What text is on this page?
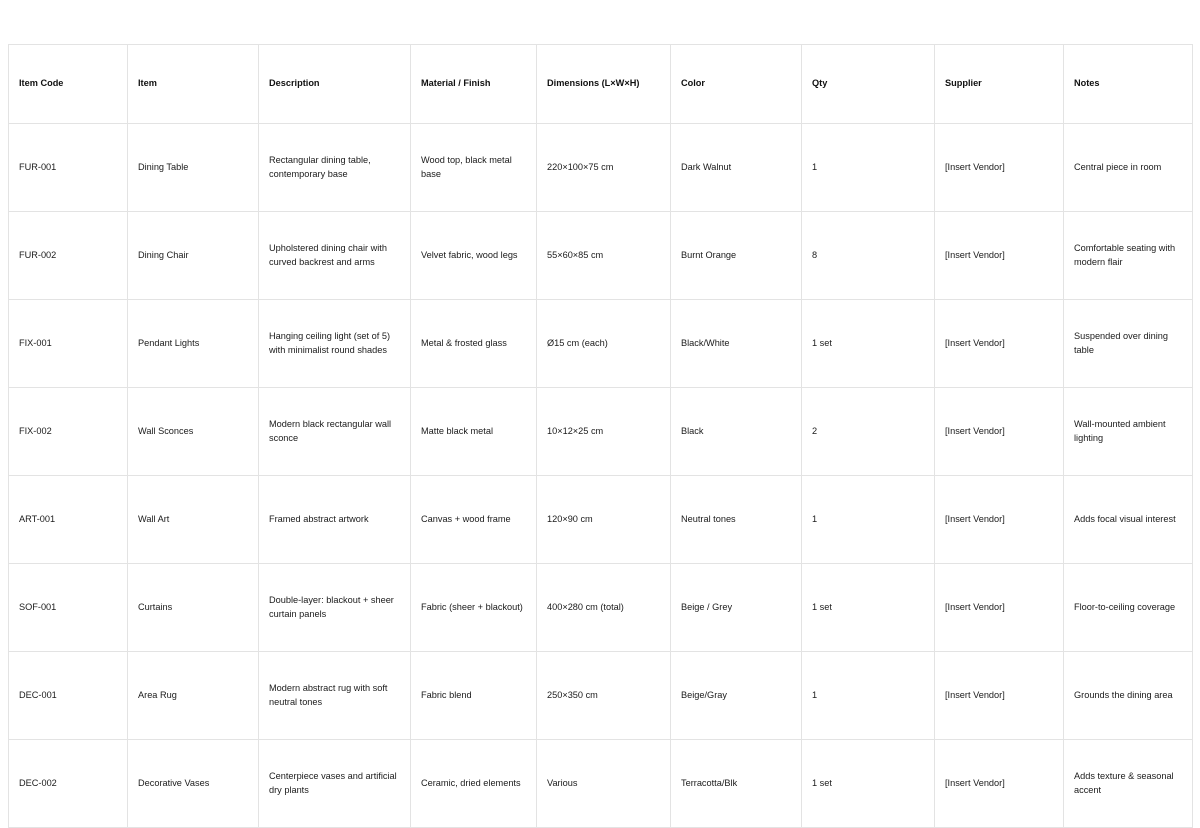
Item Code	Item	Description	Material / Finish	Dimensions (L×W×H)	Color	Qty	Supplier	Notes
FUR-001	Dining Table	Rectangular dining table, contemporary base	Wood top, black metal base	220×100×75 cm	Dark Walnut	1	[Insert Vendor]	Central piece in room
FUR-002	Dining Chair	Upholstered dining chair with curved backrest and arms	Velvet fabric, wood legs	55×60×85 cm	Burnt Orange	8	[Insert Vendor]	Comfortable seating with modern flair
FIX-001	Pendant Lights	Hanging ceiling light (set of 5) with minimalist round shades	Metal & frosted glass	Ø15 cm (each)	Black/White	1 set	[Insert Vendor]	Suspended over dining table
FIX-002	Wall Sconces	Modern black rectangular wall sconce	Matte black metal	10×12×25 cm	Black	2	[Insert Vendor]	Wall-mounted ambient lighting
ART-001	Wall Art	Framed abstract artwork	Canvas + wood frame	120×90 cm	Neutral tones	1	[Insert Vendor]	Adds focal visual interest
SOF-001	Curtains	Double-layer: blackout + sheer curtain panels	Fabric (sheer + blackout)	400×280 cm (total)	Beige / Grey	1 set	[Insert Vendor]	Floor-to-ceiling coverage
DEC-001	Area Rug	Modern abstract rug with soft neutral tones	Fabric blend	250×350 cm	Beige/Gray	1	[Insert Vendor]	Grounds the dining area
DEC-002	Decorative Vases	Centerpiece vases and artificial dry plants	Ceramic, dried elements	Various	Terracotta/Blk	1 set	[Insert Vendor]	Adds texture & seasonal accent
